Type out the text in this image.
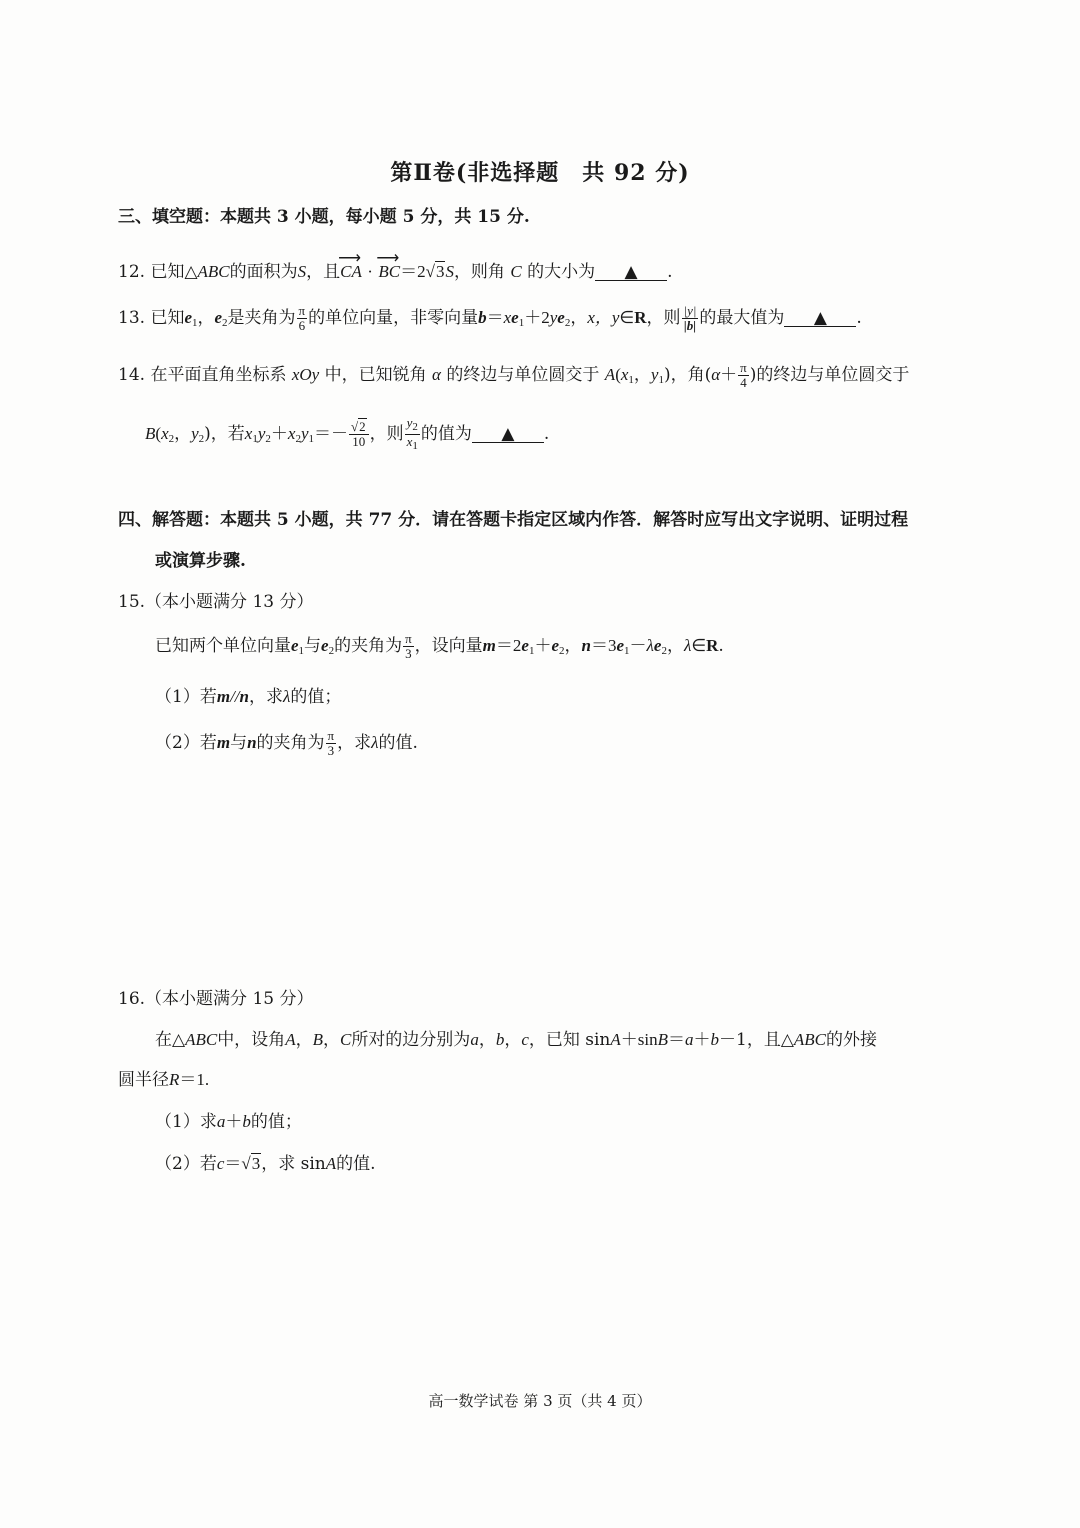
第Ⅱ卷(非选择题　共 92 分)
三、填空题：本题共 3 小题，每小题 5 分，共 15 分.
12. 已知△ABC的面积为S，且⟶ CA · ⟶ BC＝2√3S，则角 C 的大小为 ▲ .
13. 已知$e_1$，$e_2$是夹角为 $\frac{\pi}{6}$ 的单位向量，非零向量$b=xe_1+2ye_2$，x，y∈R，则 $\frac{|y|}{|b|}$ 的最大值为 ▲ .
14. 在平面直角坐标系 xOy 中，已知锐角 α 的终边与单位圆交于 $A(x_1$，$y_1$)，角($\alpha+ \frac{\pi}{4}$ )的终边与单位圆交于
$B(x_2$，$y_2$)，若$x_1y_2+x_2y_1=- \frac{√2}{10}$ ，则 $\frac{y_2}{x_1}$ 的值为 ▲ .
四、解答题：本题共 5 小题，共 77 分．请在答题卡指定区域内作答．解答时应写出文字说明、证明过程
或演算步骤.
15.（本小题满分 13 分）
已知两个单位向量$e_1$与$e_2$的夹角为 $\frac{\pi}{3}$ ，设向量$m=2e_1+e_2$，$n=3e_1-\lambda e_2$，λ∈R.
（1）若m//n，求λ的值；
（2）若m与n的夹角为 $\frac{\pi}{3}$ ，求λ的值.
16.（本小题满分 15 分）
在△ABC中，设角A，B，C所对的边分别为a，b，c，已知 sinA＋sinB＝a＋b－1，且△ABC的外接
圆半径R＝1.
（1）求a＋b的值；
（2）若c＝√3，求 sinA的值.
高一数学试卷 第 3 页（共 4 页）
